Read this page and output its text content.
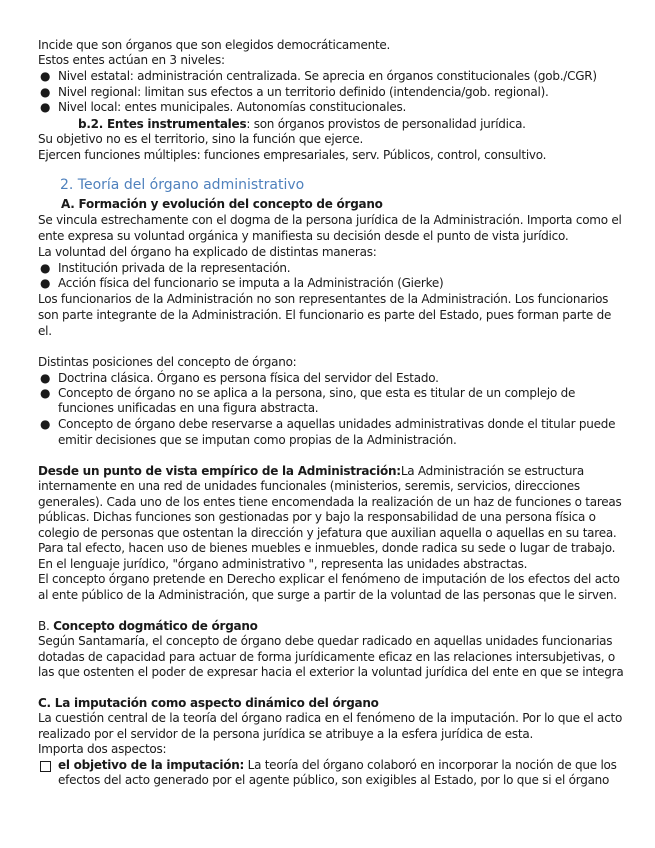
Incide que son órganos que son elegidos democráticamente.
Estos entes actúan en 3 niveles:
● Nivel estatal: administración centralizada. Se aprecia en órganos constitucionales (gob./CGR)
● Nivel regional: limitan sus efectos a un territorio definido (intendencia/gob. regional).
● Nivel local: entes municipales. Autonomías constitucionales.
b.2. Entes instrumentales: son órganos provistos de personalidad jurídica.
Su objetivo no es el territorio, sino la función que ejerce.
Ejercen funciones múltiples: funciones empresariales, serv. Públicos, control, consultivo.
2. Teoría del órgano administrativo
A. Formación y evolución del concepto de órgano
Se vincula estrechamente con el dogma de la persona jurídica de la Administración. Importa como el
ente expresa su voluntad orgánica y manifiesta su decisión desde el punto de vista jurídico.
La voluntad del órgano ha explicado de distintas maneras:
● Institución privada de la representación.
● Acción física del funcionario se imputa a la Administración (Gierke)
Los funcionarios de la Administración no son representantes de la Administración. Los funcionarios
son parte integrante de la Administración. El funcionario es parte del Estado, pues forman parte de
el.
Distintas posiciones del concepto de órgano:
● Doctrina clásica. Órgano es persona física del servidor del Estado.
● Concepto de órgano no se aplica a la persona, sino, que esta es titular de un complejo de
funciones unificadas en una figura abstracta.
● Concepto de órgano debe reservarse a aquellas unidades administrativas donde el titular puede
emitir decisiones que se imputan como propias de la Administración.
Desde un punto de vista empírico de la Administración:La Administración se estructura
internamente en una red de unidades funcionales (ministerios, seremis, servicios, direcciones
generales). Cada uno de los entes tiene encomendada la realización de un haz de funciones o tareas
públicas. Dichas funciones son gestionadas por y bajo la responsabilidad de una persona física o
colegio de personas que ostentan la dirección y jefatura que auxilian aquella o aquellas en su tarea.
Para tal efecto, hacen uso de bienes muebles e inmuebles, donde radica su sede o lugar de trabajo.
En el lenguaje jurídico, "órgano administrativo ", representa las unidades abstractas.
El concepto órgano pretende en Derecho explicar el fenómeno de imputación de los efectos del acto
al ente público de la Administración, que surge a partir de la voluntad de las personas que le sirven.
B. Concepto dogmático de órgano
Según Santamaría, el concepto de órgano debe quedar radicado en aquellas unidades funcionarias
dotadas de capacidad para actuar de forma jurídicamente eficaz en las relaciones intersubjetivas, o
las que ostenten el poder de expresar hacia el exterior la voluntad jurídica del ente en que se integra
C. La imputación como aspecto dinámico del órgano
La cuestión central de la teoría del órgano radica en el fenómeno de la imputación. Por lo que el acto
realizado por el servidor de la persona jurídica se atribuye a la esfera jurídica de esta.
Importa dos aspectos:
el objetivo de la imputación: La teoría del órgano colaboró en incorporar la noción de que los
efectos del acto generado por el agente público, son exigibles al Estado, por lo que si el órgano
